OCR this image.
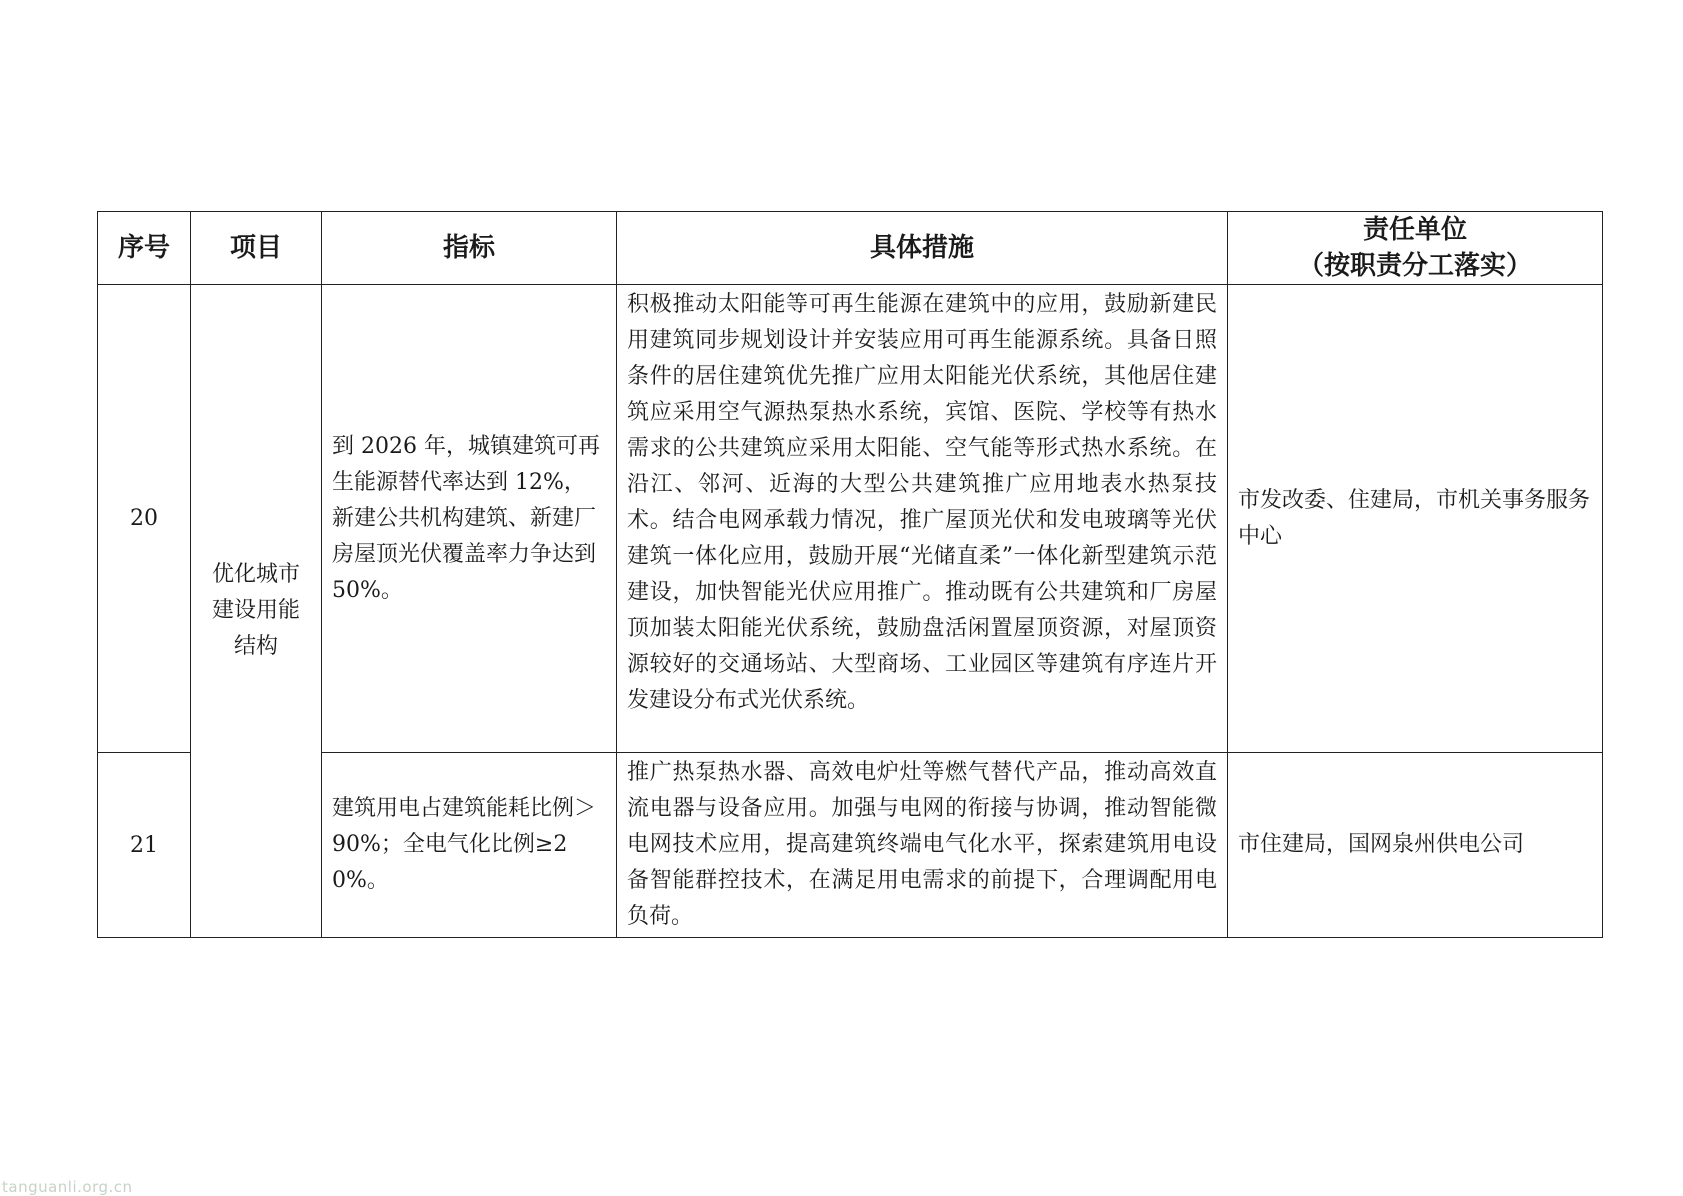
序号	项目	指标	具体措施	责任单位
（按职责分工落实）

20	优化城市建设用能结构	到 2026 年，城镇建筑可再生能源替代率达到 12%，新建公共机构建筑、新建厂房屋顶光伏覆盖率力争达到 50%。	积极推动太阳能等可再生能源在建筑中的应用，鼓励新建民用建筑同步规划设计并安装应用可再生能源系统。具备日照条件的居住建筑优先推广应用太阳能光伏系统，其他居住建筑应采用空气源热泵热水系统，宾馆、医院、学校等有热水需求的公共建筑应采用太阳能、空气能等形式热水系统。在沿江、邻河、近海的大型公共建筑推广应用地表水热泵技术。结合电网承载力情况，推广屋顶光伏和发电玻璃等光伏建筑一体化应用，鼓励开展“光储直柔”一体化新型建筑示范建设，加快智能光伏应用推广。推动既有公共建筑和厂房屋顶加装太阳能光伏系统，鼓励盘活闲置屋顶资源，对屋顶资源较好的交通场站、大型商场、工业园区等建筑有序连片开发建设分布式光伏系统。	市发改委、住建局，市机关事务服务中心
21		建筑用电占建筑能耗比例＞90%；全电气化比例≥20%。	推广热泵热水器、高效电炉灶等燃气替代产品，推动高效直流电器与设备应用。加强与电网的衔接与协调，推动智能微电网技术应用，提高建筑终端电气化水平，探索建筑用电设备智能群控技术，在满足用电需求的前提下，合理调配用电负荷。	市住建局，国网泉州供电公司
tanguanli.org.cn
